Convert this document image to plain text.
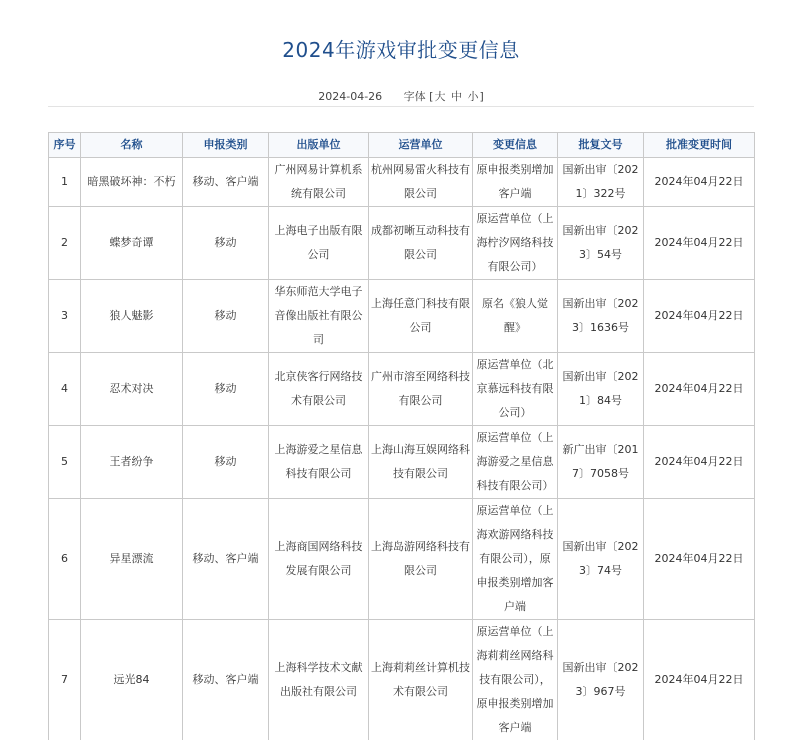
2024年游戏审批变更信息
2024-04-26 字体 [大 中 小]
序号	名称	申报类别	出版单位	运营单位	变更信息	批复文号	批准变更时间
1	暗黑破坏神：不朽	移动、客户端	广州网易计算机系统有限公司	杭州网易雷火科技有限公司	原申报类别增加客户端	国新出审〔2021〕322号	2024年04月22日
2	蝶梦奇谭	移动	上海电子出版有限公司	成都初晰互动科技有限公司	原运营单位（上海柠汐网络科技有限公司）	国新出审〔2023〕54号	2024年04月22日
3	狼人魅影	移动	华东师范大学电子音像出版社有限公司	上海任意门科技有限公司	原名《狼人觉醒》	国新出审〔2023〕1636号	2024年04月22日
4	忍术对决	移动	北京侠客行网络技术有限公司	广州市溶至网络科技有限公司	原运营单位（北京慕远科技有限公司）	国新出审〔2021〕84号	2024年04月22日
5	王者纷争	移动	上海游爱之星信息科技有限公司	上海山海互娱网络科技有限公司	原运营单位（上海游爱之星信息科技有限公司）	新广出审〔2017〕7058号	2024年04月22日
6	异星漂流	移动、客户端	上海商国网络科技发展有限公司	上海岛游网络科技有限公司	原运营单位（上海欢游网络科技有限公司），原申报类别增加客户端	国新出审〔2023〕74号	2024年04月22日
7	远光84	移动、客户端	上海科学技术文献出版社有限公司	上海莉莉丝计算机技术有限公司	原运营单位（上海莉莉丝网络科技有限公司），原申报类别增加客户端	国新出审〔2023〕967号	2024年04月22日
